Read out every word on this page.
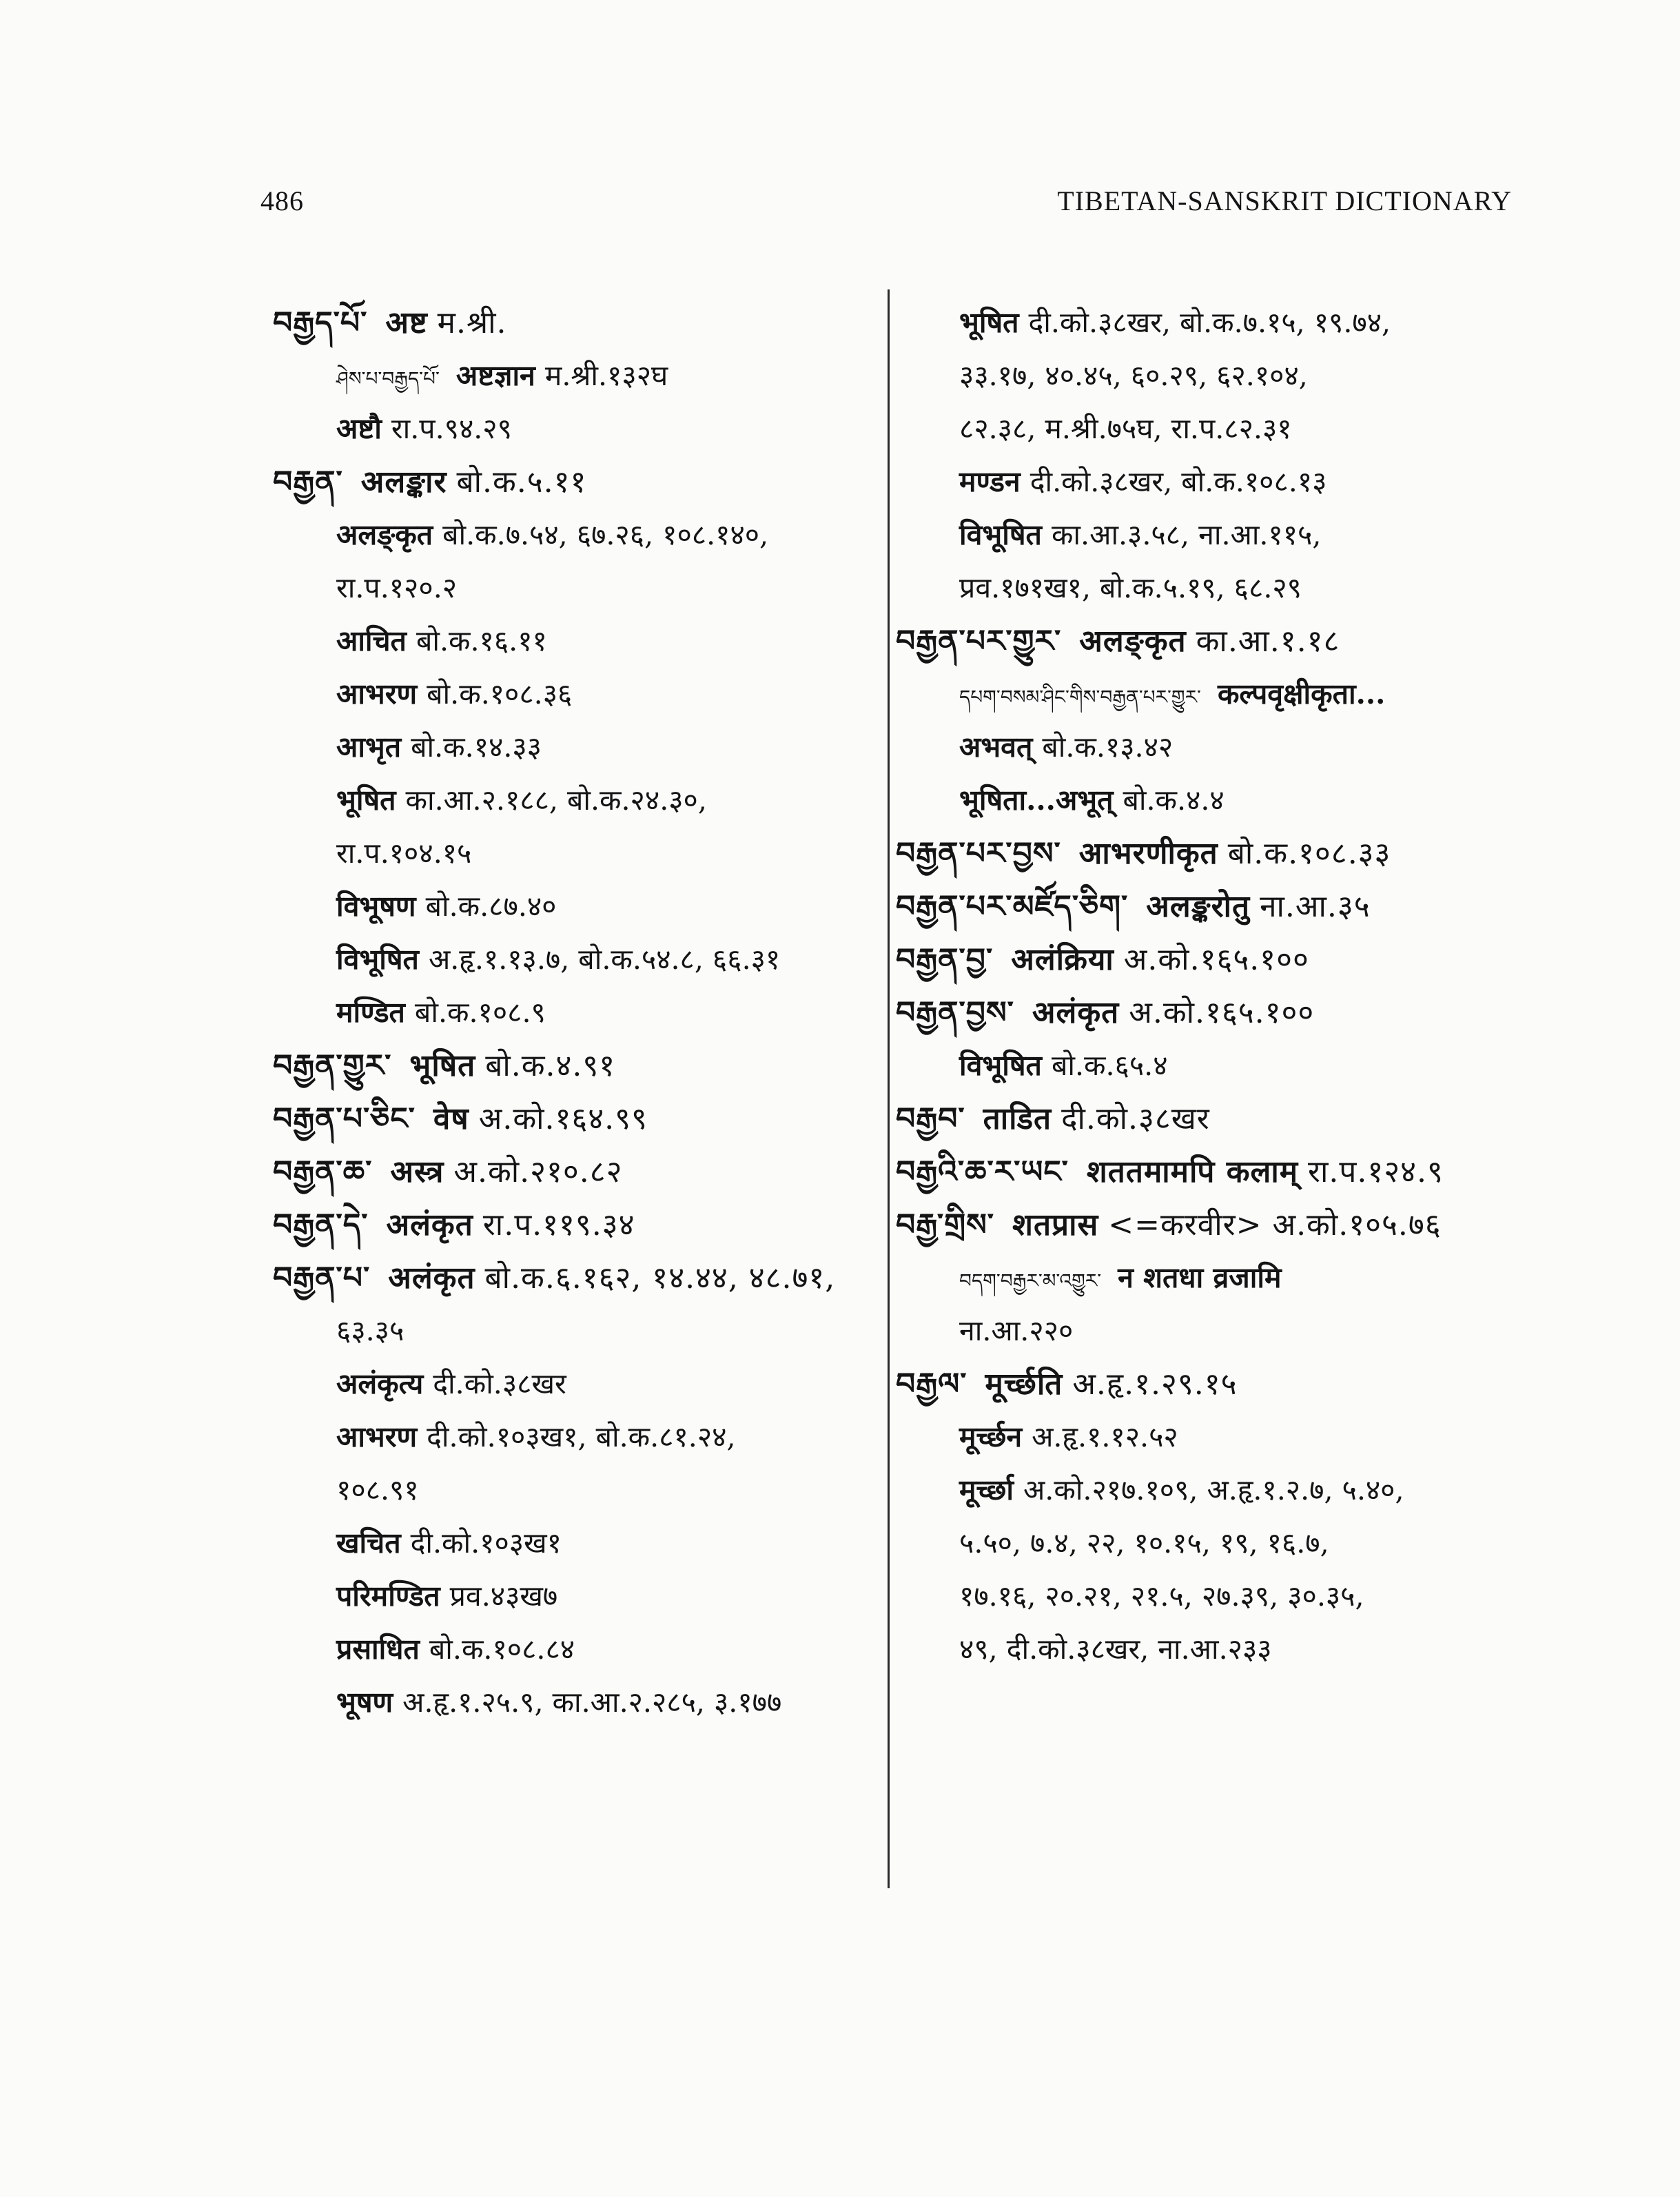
486	TIBETAN-SANSKRIT DICTIONARY
བརྒྱད་པོ་ अष्ट म.श्री.
ཤེས་པ་བརྒྱད་པོ་ अष्टज्ञान म.श्री.१३२घ
अष्टौ रा.प.९४.२९
བརྒྱན་ अलङ्कार बो.क.५.११
अलङ्कृत बो.क.७.५४, ६७.२६, १०८.१४०,
रा.प.१२०.२
आचित बो.क.१६.११
आभरण बो.क.१०८.३६
आभृत बो.क.१४.३३
भूषित का.आ.२.१८८, बो.क.२४.३०,
रा.प.१०४.१५
विभूषण बो.क.८७.४०
विभूषित अ.हृ.१.१३.७, बो.क.५४.८, ६६.३१
मण्डित बो.क.१०८.९
བརྒྱན་གྱུར་ भूषित बो.क.४.९१
བརྒྱན་པ་ཅིང་ वेष अ.को.१६४.९९
བརྒྱན་ཆ་ अस्त्र अ.को.२१०.८२
བརྒྱན་དེ་ अलंकृत रा.प.११९.३४
བརྒྱན་པ་ अलंकृत बो.क.६.१६२, १४.४४, ४८.७१,
६३.३५
अलंकृत्य दी.को.३८खर
आभरण दी.को.१०३ख१, बो.क.८१.२४,
१०८.९१
खचित दी.को.१०३ख१
परिमण्डित प्रव.४३ख७
प्रसाधित बो.क.१०८.८४
भूषण अ.हृ.१.२५.९, का.आ.२.२८५, ३.१७७
भूषित दी.को.३८खर, बो.क.७.१५, १९.७४,
३३.१७, ४०.४५, ६०.२९, ६२.१०४,
८२.३८, म.श्री.७५घ, रा.प.८२.३१
मण्डन दी.को.३८खर, बो.क.१०८.१३
विभूषित का.आ.३.५८, ना.आ.११५,
प्रव.१७१ख१, बो.क.५.१९, ६८.२९
བརྒྱན་པར་གྱུར་ अलङ्कृत का.आ.१.१८
དཔག་བསམ་ཤིང་གིས་བརྒྱན་པར་གྱུར་ कल्पवृक्षीकृता...
अभवत् बो.क.१३.४२
भूषिता...अभूत् बो.क.४.४
བརྒྱན་པར་བྱས་ आभरणीकृत बो.क.१०८.३३
བརྒྱན་པར་མཛོད་ཅིག་ अलङ्करोतु ना.आ.३५
བརྒྱན་བྱ་ अलंक्रिया अ.को.१६५.१००
བརྒྱན་བྱས་ अलंकृत अ.को.१६५.१००
विभूषित बो.क.६५.४
བརྒྱབ་ ताडित दी.को.३८खर
བརྒྱའི་ཆ་ར་ཡང་ शततमामपि कलाम् रा.प.१२४.९
བརྒྱ་གྲིས་ शतप्रास <=करवीर> अ.को.१०५.७६
བདག་བརྒྱར་མ་འགྱུར་ न शतधा व्रजामि
ना.आ.२२०
བརྒྱལ་ मूर्च्छति अ.हृ.१.२९.१५
मूर्च्छन अ.हृ.१.१२.५२
मूर्च्छा अ.को.२१७.१०९, अ.हृ.१.२.७, ५.४०,
५.५०, ७.४, २२, १०.१५, १९, १६.७,
१७.१६, २०.२१, २१.५, २७.३९, ३०.३५,
४९, दी.को.३८खर, ना.आ.२३३
